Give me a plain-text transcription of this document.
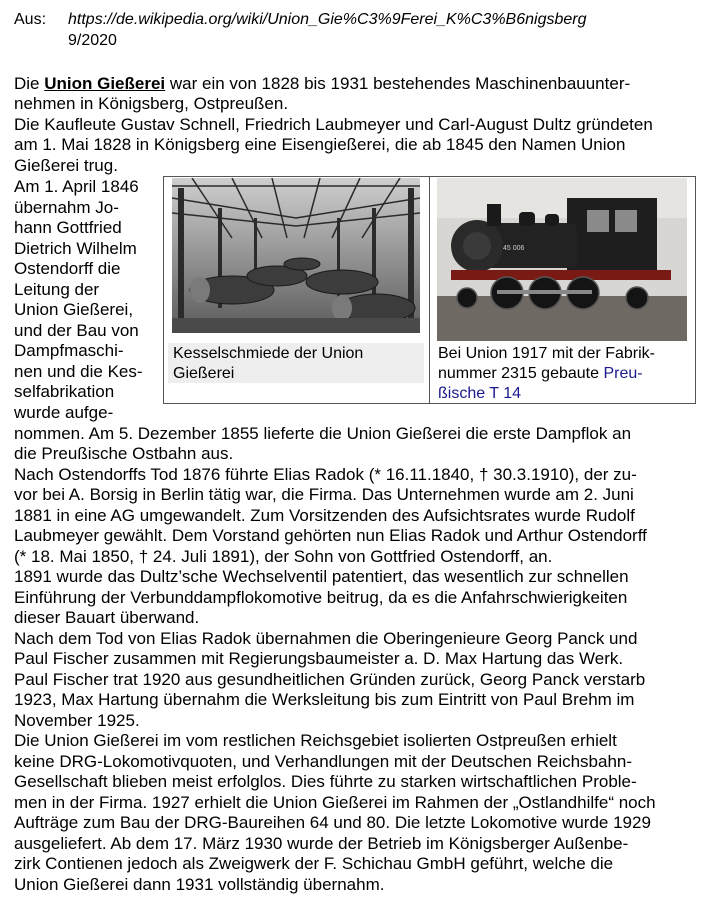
Aus: https://de.wikipedia.org/wiki/Union_Gie%C3%9Ferei_K%C3%B6nigsberg
9/2020
Die Union Gießerei war ein von 1828 bis 1931 bestehendes Maschinenbauunter-
nehmen in Königsberg, Ostpreußen.
Die Kaufleute Gustav Schnell, Friedrich Laubmeyer und Carl-August Dultz gründeten
am 1. Mai 1828 in Königsberg eine Eisengießerei, die ab 1845 den Namen Union
Gießerei trug.
Am 1. April 1846
übernahm Jo-
hann Gottfried
Dietrich Wilhelm
Ostendorff die
Leitung der
Union Gießerei,
und der Bau von
Dampfmaschi-
nen und die Kes-
selfabrikation
wurde aufge-
45 006
Kesselschmiede der Union
Gießerei
Bei Union 1917 mit der Fabrik-
nummer 2315 gebaute Preu-
ßische T 14
nommen. Am 5. Dezember 1855 lieferte die Union Gießerei die erste Dampflok an
die Preußische Ostbahn aus.
Nach Ostendorffs Tod 1876 führte Elias Radok (* 16.11.1840, † 30.3.1910), der zu-
vor bei A. Borsig in Berlin tätig war, die Firma. Das Unternehmen wurde am 2. Juni
1881 in eine AG umgewandelt. Zum Vorsitzenden des Aufsichtsrates wurde Rudolf
Laubmeyer gewählt. Dem Vorstand gehörten nun Elias Radok und Arthur Ostendorff
(* 18. Mai 1850, † 24. Juli 1891), der Sohn von Gottfried Ostendorff, an.
1891 wurde das Dultz’sche Wechselventil patentiert, das wesentlich zur schnellen
Einführung der Verbunddampflokomotive beitrug, da es die Anfahrschwierigkeiten
dieser Bauart überwand.
Nach dem Tod von Elias Radok übernahmen die Oberingenieure Georg Panck und
Paul Fischer zusammen mit Regierungsbaumeister a. D. Max Hartung das Werk.
Paul Fischer trat 1920 aus gesundheitlichen Gründen zurück, Georg Panck verstarb
1923, Max Hartung übernahm die Werksleitung bis zum Eintritt von Paul Brehm im
November 1925.
Die Union Gießerei im vom restlichen Reichsgebiet isolierten Ostpreußen erhielt
keine DRG-Lokomotivquoten, und Verhandlungen mit der Deutschen Reichsbahn-
Gesellschaft blieben meist erfolglos. Dies führte zu starken wirtschaftlichen Proble-
men in der Firma. 1927 erhielt die Union Gießerei im Rahmen der „Ostlandhilfe“ noch
Aufträge zum Bau der DRG-Baureihen 64 und 80. Die letzte Lokomotive wurde 1929
ausgeliefert. Ab dem 17. März 1930 wurde der Betrieb im Königsberger Außenbe-
zirk Contienen jedoch als Zweigwerk der F. Schichau GmbH geführt, welche die
Union Gießerei dann 1931 vollständig übernahm.
